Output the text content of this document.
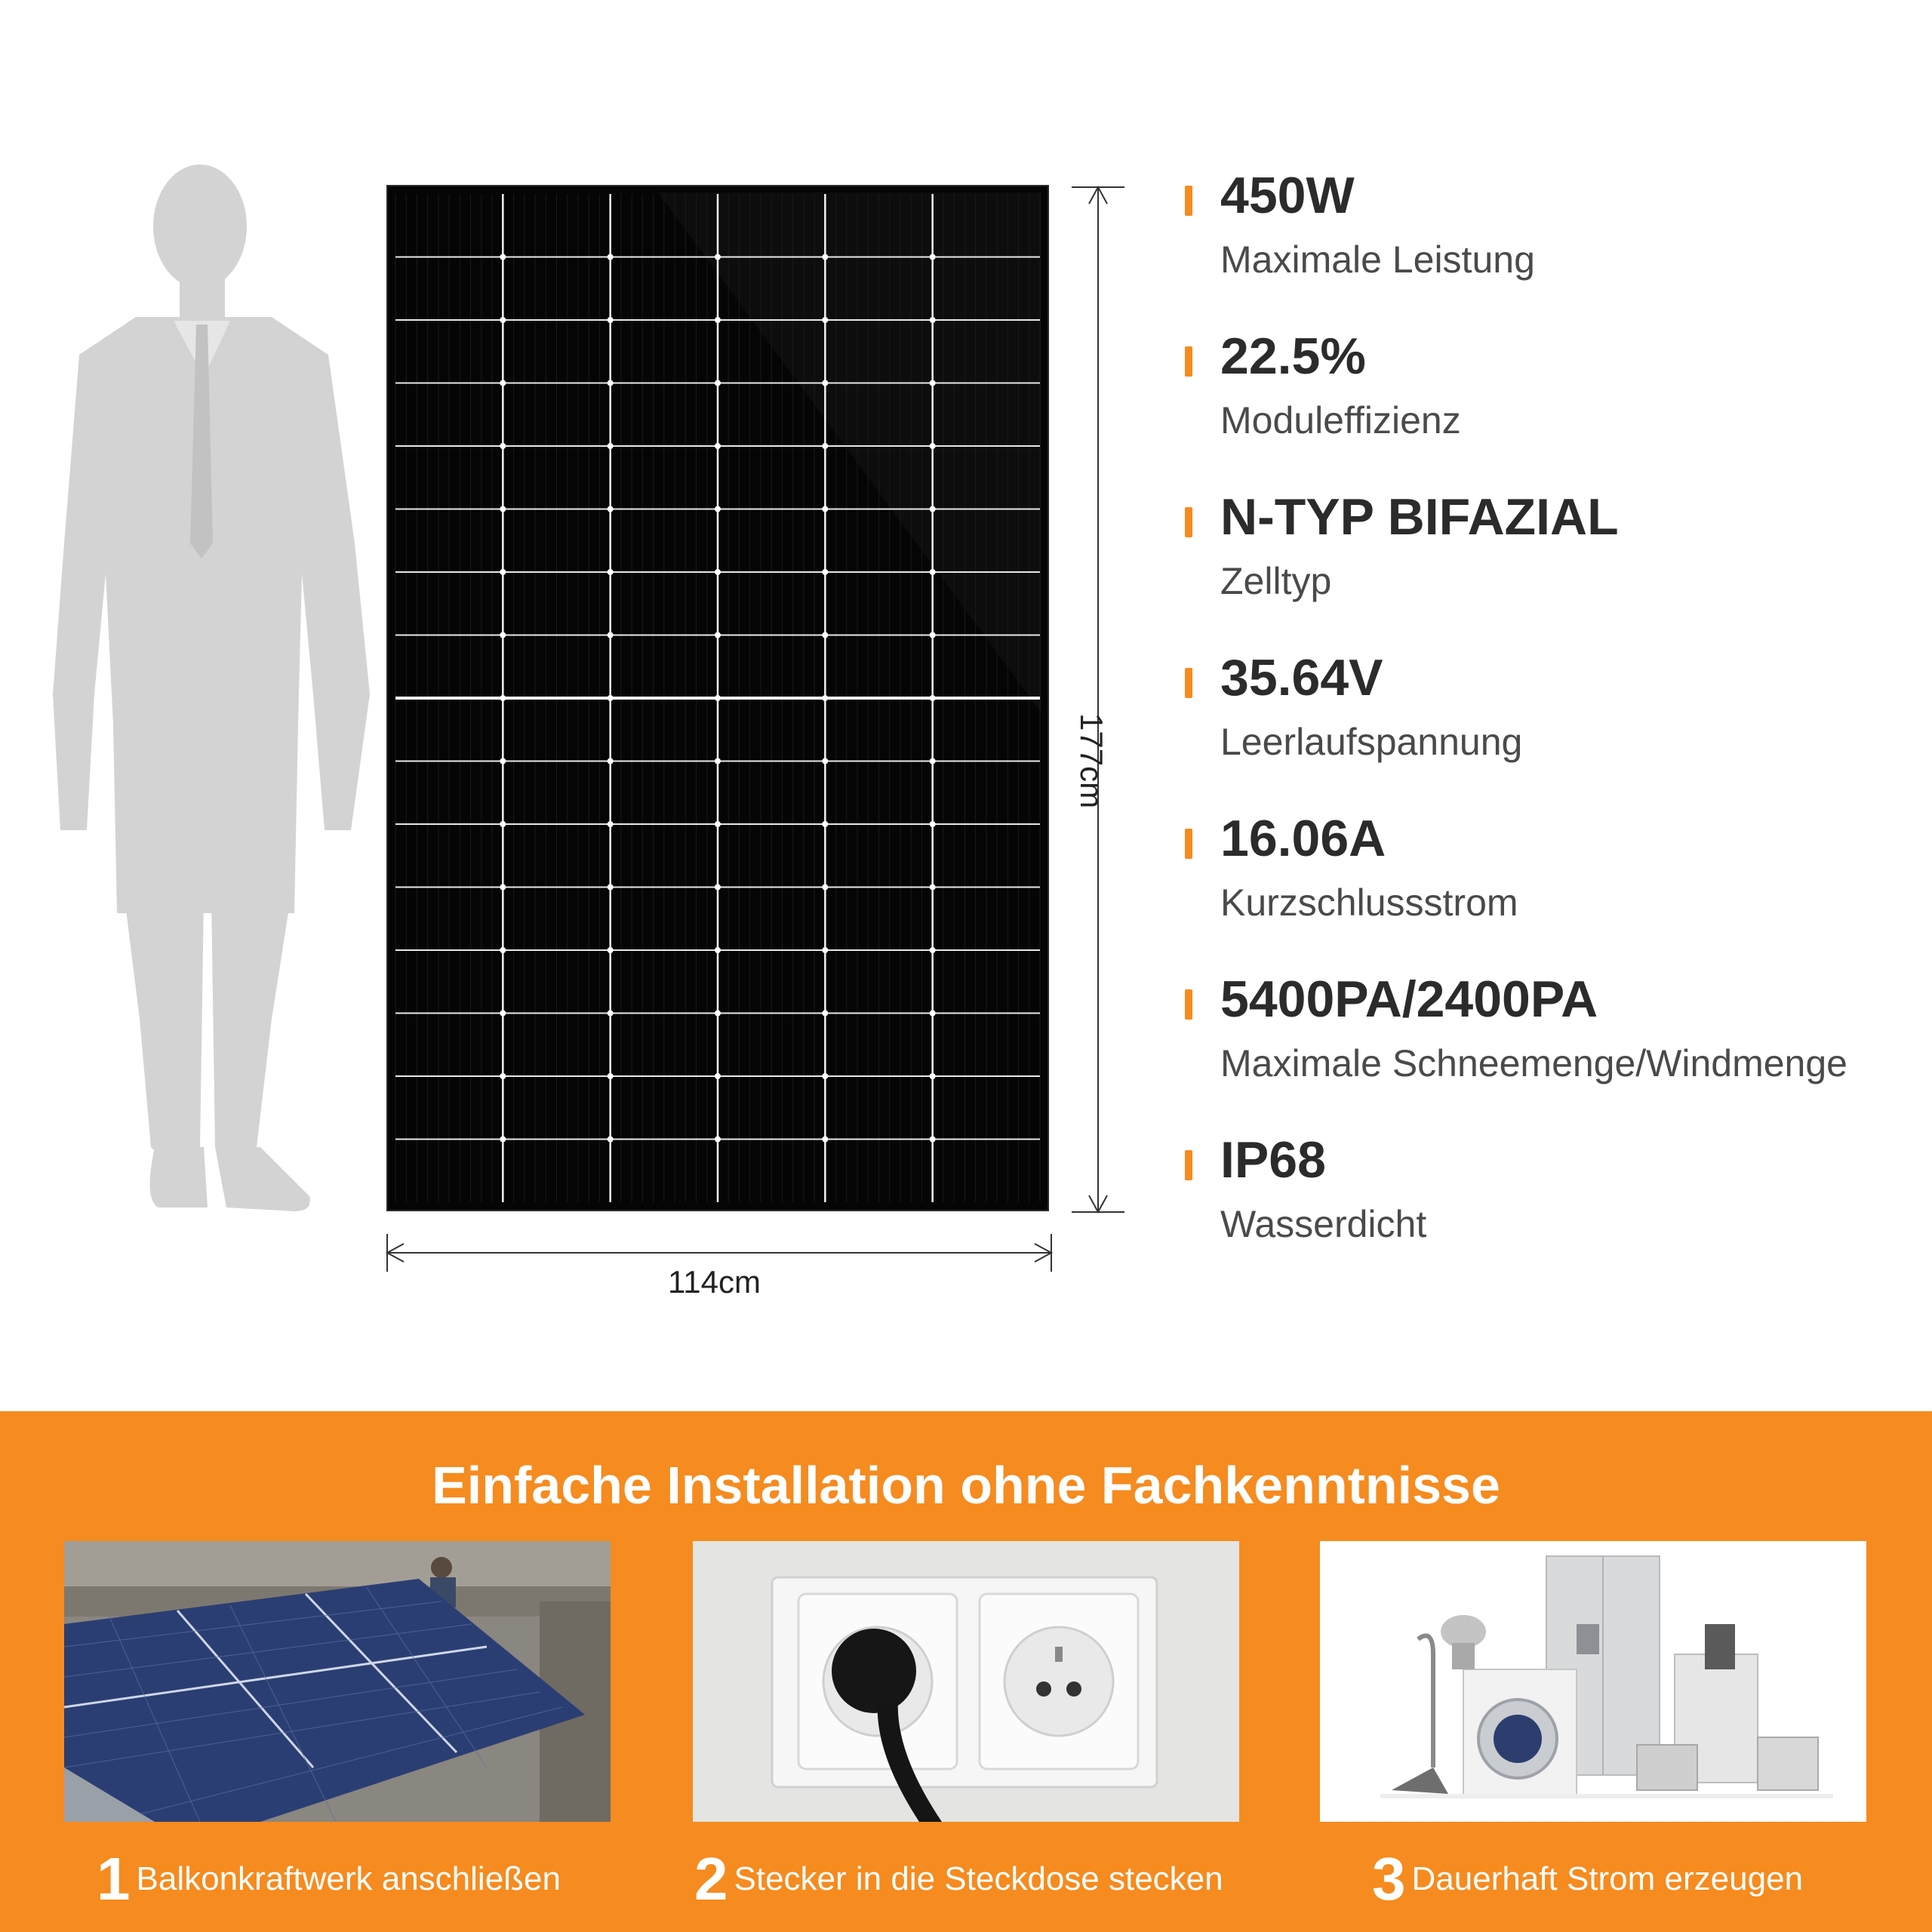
177cm
114cm
450W
Maximale Leistung
22.5%
Moduleffizienz
N-TYP BIFAZIAL
Zelltyp
35.64V
Leerlaufspannung
16.06A
Kurzschlussstrom
5400PA/2400PA
Maximale Schneemenge/Windmenge
IP68
Wasserdicht
Einfache Installation ohne Fachkenntnisse
1 Balkonkraftwerk anschließen 2 Stecker in die Steckdose stecken 3 Dauerhaft Strom erzeugen
